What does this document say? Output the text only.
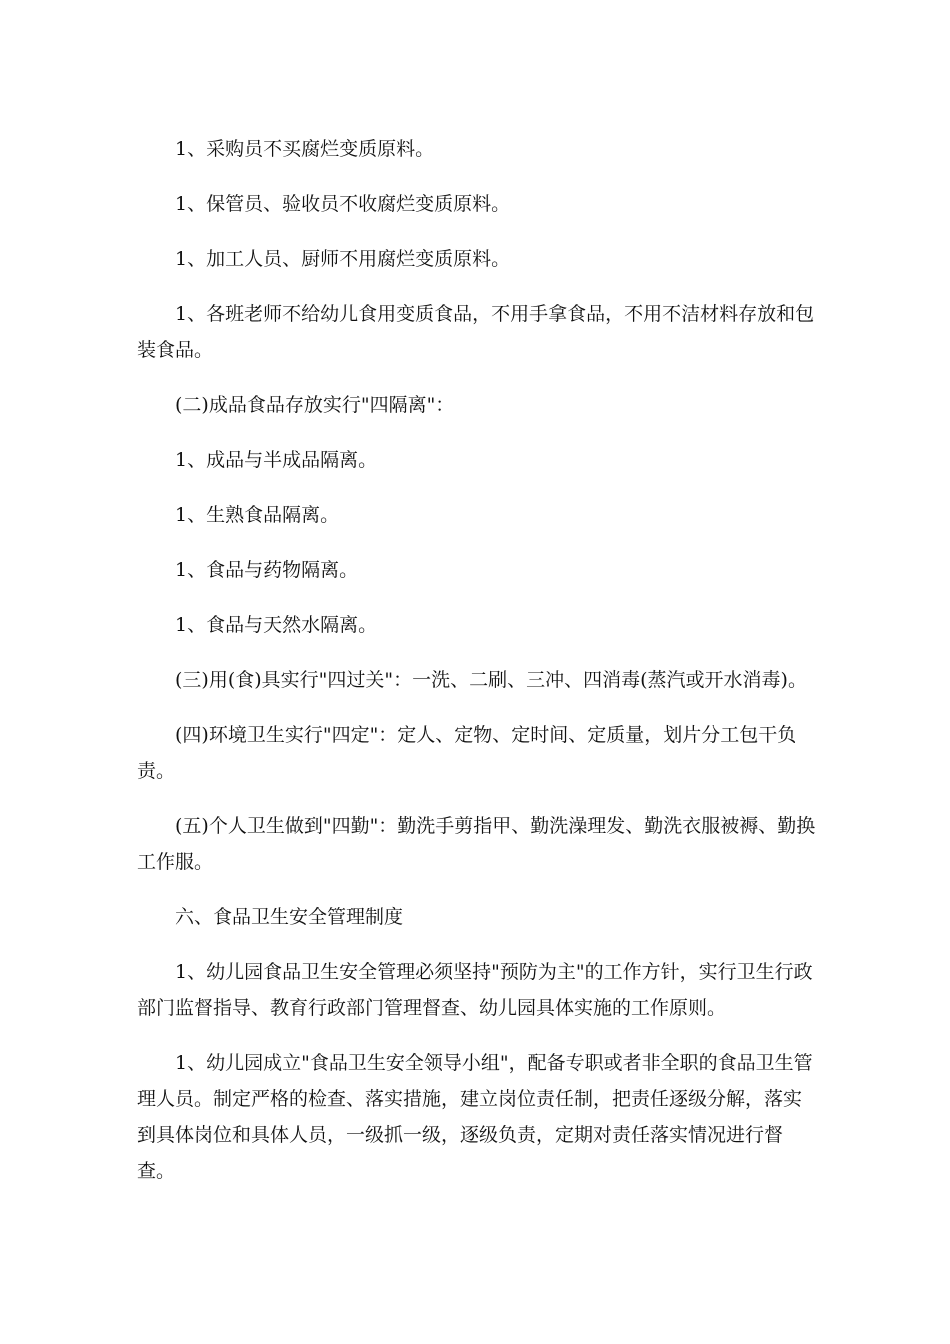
1、采购员不买腐烂变质原料。

1、保管员、验收员不收腐烂变质原料。

1、加工人员、厨师不用腐烂变质原料。

1、各班老师不给幼儿食用变质食品，不用手拿食品，不用不洁材料存放和包装食品。

(二)成品食品存放实行"四隔离"：

1、成品与半成品隔离。

1、生熟食品隔离。

1、食品与药物隔离。

1、食品与天然水隔离。

(三)用(食)具实行"四过关"：一洗、二刷、三冲、四消毒(蒸汽或开水消毒)。

(四)环境卫生实行"四定"：定人、定物、定时间、定质量，划片分工包干负责。

(五)个人卫生做到"四勤"：勤洗手剪指甲、勤洗澡理发、勤洗衣服被褥、勤换工作服。

六、食品卫生安全管理制度

1、幼儿园食品卫生安全管理必须坚持"预防为主"的工作方针，实行卫生行政部门监督指导、教育行政部门管理督查、幼儿园具体实施的工作原则。

1、幼儿园成立"食品卫生安全领导小组"，配备专职或者非全职的食品卫生管理人员。制定严格的检查、落实措施，建立岗位责任制，把责任逐级分解，落实到具体岗位和具体人员，一级抓一级，逐级负责，定期对责任落实情况进行督查。
